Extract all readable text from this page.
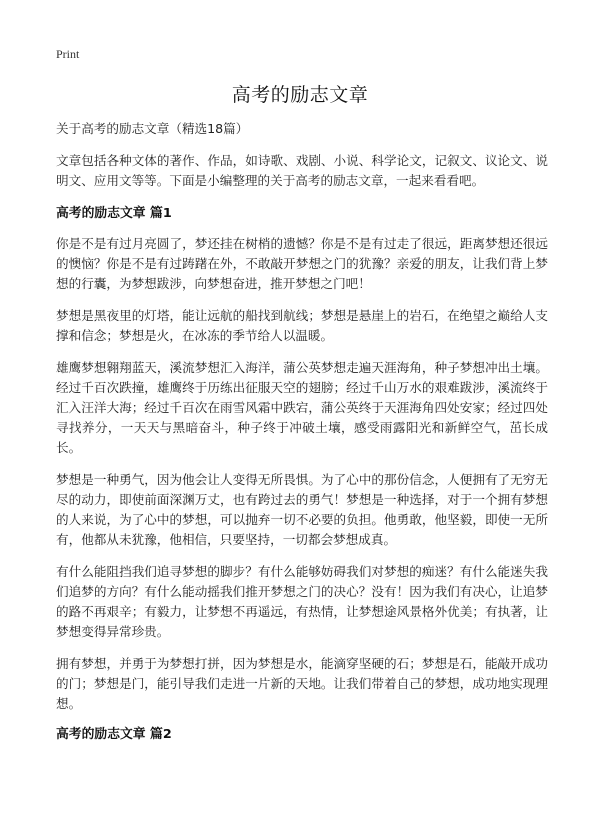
Print
高考的励志文章
关于高考的励志文章（精选18篇）
文章包括各种文体的著作、作品，如诗歌、戏剧、小说、科学论文，记叙文、议论文、说明文、应用文等等。下面是小编整理的关于高考的励志文章，一起来看看吧。
高考的励志文章 篇1
你是不是有过月亮圆了，梦还挂在树梢的遗憾？你是不是有过走了很远，距离梦想还很远的懊恼？你是不是有过踌躇在外，不敢敲开梦想之门的犹豫？亲爱的朋友，让我们背上梦想的行囊，为梦想跋涉，向梦想奋进，推开梦想之门吧！
梦想是黑夜里的灯塔，能让远航的船找到航线；梦想是悬崖上的岩石，在绝望之巅给人支撑和信念；梦想是火，在冰冻的季节给人以温暖。
雄鹰梦想翱翔蓝天，溪流梦想汇入海洋，蒲公英梦想走遍天涯海角，种子梦想冲出土壤。经过千百次跌撞，雄鹰终于历练出征服天空的翅膀；经过千山万水的艰难跋涉，溪流终于汇入汪洋大海；经过千百次在雨雪风霜中跌宕，蒲公英终于天涯海角四处安家；经过四处寻找养分，一天天与黑暗奋斗，种子终于冲破土壤，感受雨露阳光和新鲜空气，茁长成长。
梦想是一种勇气，因为他会让人变得无所畏惧。为了心中的那份信念，人便拥有了无穷无尽的动力，即使前面深渊万丈，也有跨过去的勇气！梦想是一种选择，对于一个拥有梦想的人来说，为了心中的梦想，可以抛弃一切不必要的负担。他勇敢，他坚毅，即使一无所有，他都从未犹豫，他相信，只要坚持，一切都会梦想成真。
有什么能阻挡我们追寻梦想的脚步？有什么能够妨碍我们对梦想的痴迷？有什么能迷失我们追梦的方向？有什么能动摇我们推开梦想之门的决心？没有！因为我们有决心，让追梦的路不再艰辛；有毅力，让梦想不再遥远，有热情，让梦想途风景格外优美；有执著，让梦想变得异常珍贵。
拥有梦想，并勇于为梦想打拼，因为梦想是水，能滴穿坚硬的石；梦想是石，能敲开成功的门；梦想是门，能引导我们走进一片新的天地。让我们带着自己的梦想，成功地实现理想。
高考的励志文章 篇2
